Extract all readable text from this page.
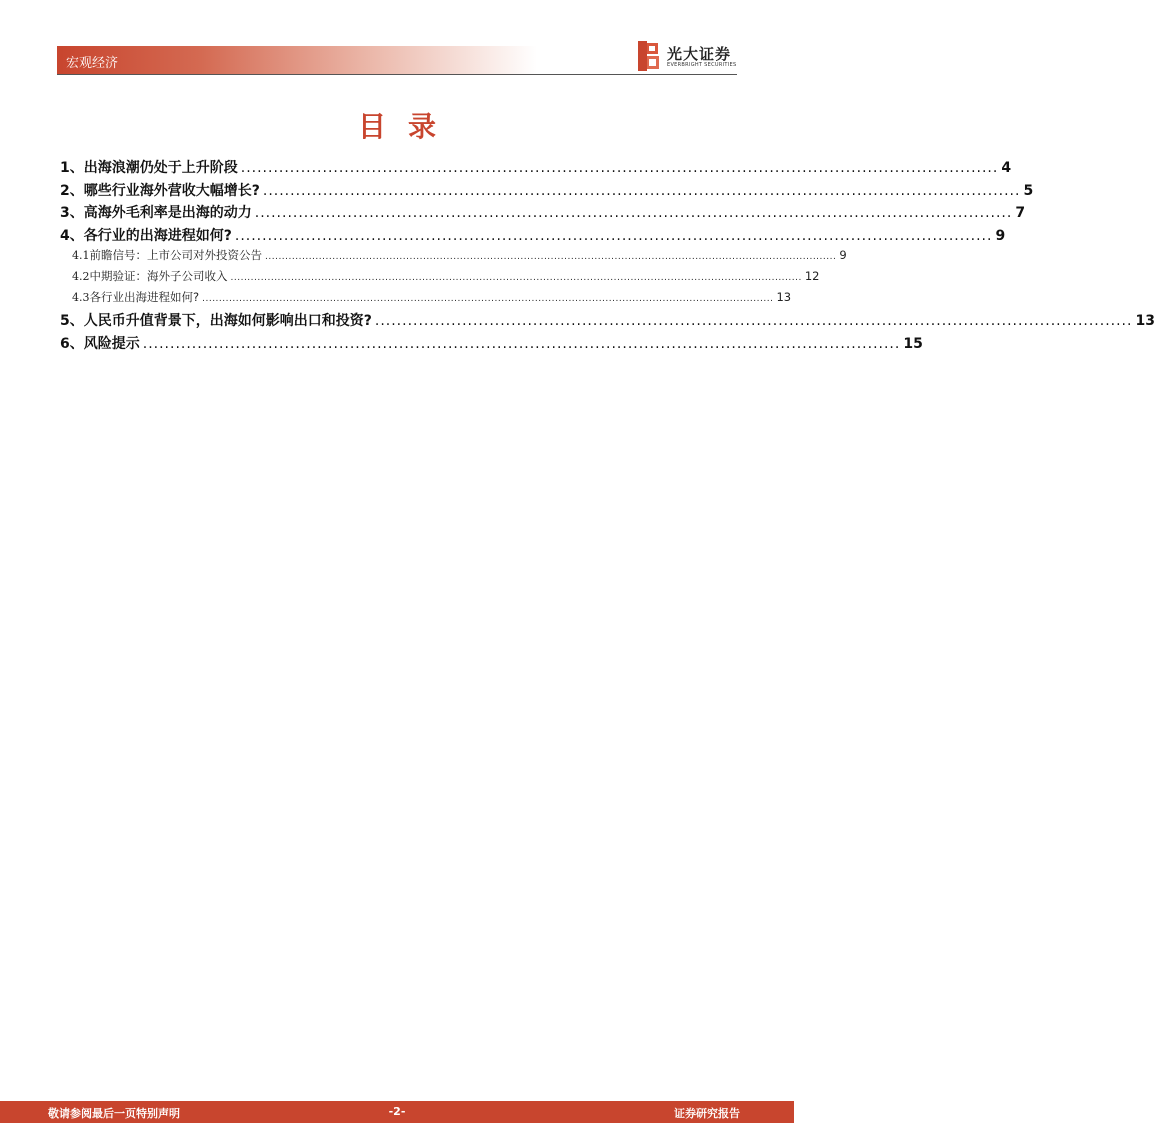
宏观经济
光大证券
EVERBRIGHT SECURITIES
目录
1、 出海浪潮仍处于上升阶段 ........................................................................................................................................... 4
2、 哪些行业海外营收大幅增长? ........................................................................................................................................... 5
3、 高海外毛利率是出海的动力 ........................................................................................................................................... 7
4、 各行业的出海进程如何? ........................................................................................................................................... 9
4.1 前瞻信号：上市公司对外投资公告 .......................................................................................................................................................................... 9
4.2 中期验证：海外子公司收入 .......................................................................................................................................................................... 12
4.3 各行业出海进程如何? .......................................................................................................................................................................... 13
5、 人民币升值背景下，出海如何影响出口和投资? ........................................................................................................................................... 13
6、 风险提示 ........................................................................................................................................... 15
敬请参阅最后一页特别声明	-2-	证券研究报告
